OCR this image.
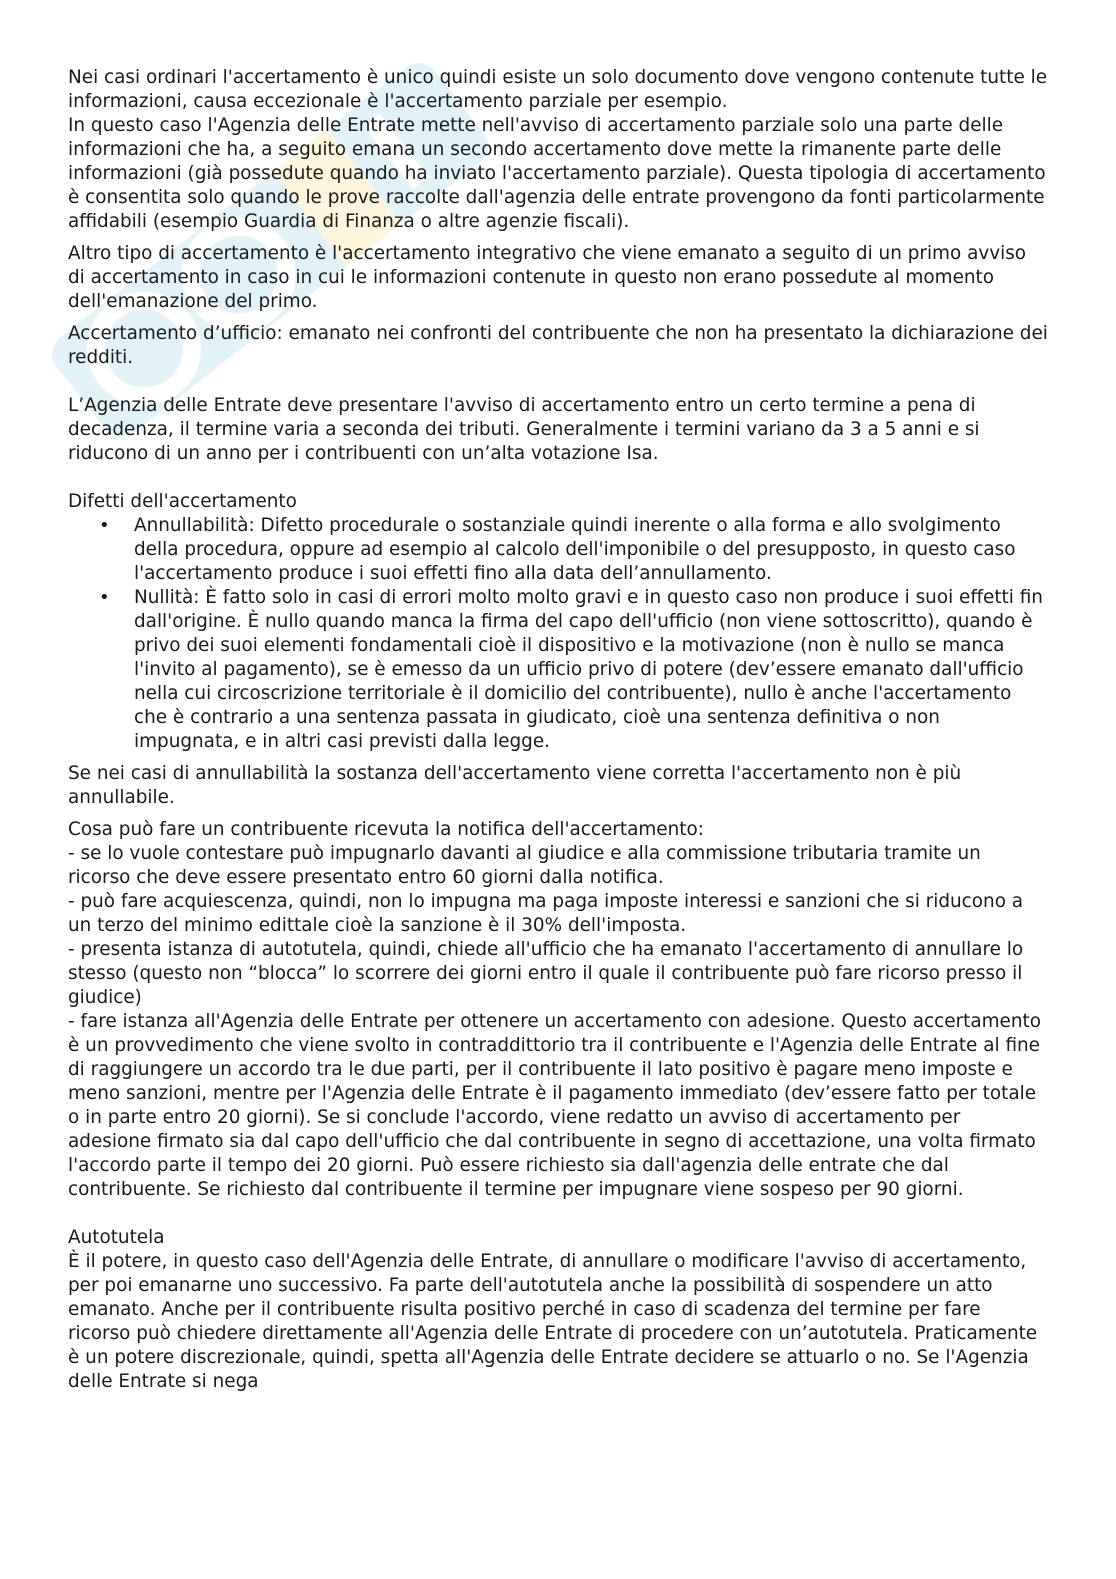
Nei casi ordinari l'accertamento è unico quindi esiste un solo documento dove vengono contenute tutte le informazioni, causa eccezionale è l'accertamento parziale per esempio.

In questo caso l'Agenzia delle Entrate mette nell'avviso di accertamento parziale solo una parte delle informazioni che ha, a seguito emana un secondo accertamento dove mette la rimanente parte delle informazioni (già possedute quando ha inviato l'accertamento parziale). Questa tipologia di accertamento è consentita solo quando le prove raccolte dall'agenzia delle entrate provengono da fonti particolarmente affidabili (esempio Guardia di Finanza o altre agenzie fiscali).

Altro tipo di accertamento è l'accertamento integrativo che viene emanato a seguito di un primo avviso di accertamento in caso in cui le informazioni contenute in questo non erano possedute al momento dell'emanazione del primo.

Accertamento d’ufficio: emanato nei confronti del contribuente che non ha presentato la dichiarazione dei redditi.

L’Agenzia delle Entrate deve presentare l'avviso di accertamento entro un certo termine a pena di decadenza, il termine varia a seconda dei tributi. Generalmente i termini variano da 3 a 5 anni e si riducono di un anno per i contribuenti con un’alta votazione Isa.

Difetti dell'accertamento

• Annullabilità: Difetto procedurale o sostanziale quindi inerente o alla forma e allo svolgimento della procedura, oppure ad esempio al calcolo dell'imponibile o del presupposto, in questo caso l'accertamento produce i suoi effetti fino alla data dell’annullamento.
• Nullità: È fatto solo in casi di errori molto molto gravi e in questo caso non produce i suoi effetti fin dall'origine. È nullo quando manca la firma del capo dell'ufficio (non viene sottoscritto), quando è privo dei suoi elementi fondamentali cioè il dispositivo e la motivazione (non è nullo se manca l'invito al pagamento), se è emesso da un ufficio privo di potere (dev’essere emanato dall'ufficio nella cui circoscrizione territoriale è il domicilio del contribuente), nullo è anche l'accertamento che è contrario a una sentenza passata in giudicato, cioè una sentenza definitiva o non impugnata, e in altri casi previsti dalla legge.

Se nei casi di annullabilità la sostanza dell'accertamento viene corretta l'accertamento non è più annullabile.

Cosa può fare un contribuente ricevuta la notifica dell'accertamento:

- se lo vuole contestare può impugnarlo davanti al giudice e alla commissione tributaria tramite un ricorso che deve essere presentato entro 60 giorni dalla notifica.

- può fare acquiescenza, quindi, non lo impugna ma paga imposte interessi e sanzioni che si riducono a un terzo del minimo edittale cioè la sanzione è il 30% dell'imposta.

- presenta istanza di autotutela, quindi, chiede all'ufficio che ha emanato l'accertamento di annullare lo stesso (questo non “blocca” lo scorrere dei giorni entro il quale il contribuente può fare ricorso presso il giudice)

- fare istanza all'Agenzia delle Entrate per ottenere un accertamento con adesione. Questo accertamento è un provvedimento che viene svolto in contraddittorio tra il contribuente e l'Agenzia delle Entrate al fine di raggiungere un accordo tra le due parti, per il contribuente il lato positivo è pagare meno imposte e meno sanzioni, mentre per l'Agenzia delle Entrate è il pagamento immediato (dev’essere fatto per totale o in parte entro 20 giorni). Se si conclude l'accordo, viene redatto un avviso di accertamento per adesione firmato sia dal capo dell'ufficio che dal contribuente in segno di accettazione, una volta firmato l'accordo parte il tempo dei 20 giorni. Può essere richiesto sia dall'agenzia delle entrate che dal contribuente. Se richiesto dal contribuente il termine per impugnare viene sospeso per 90 giorni.

Autotutela

È il potere, in questo caso dell'Agenzia delle Entrate, di annullare o modificare l'avviso di accertamento, per poi emanarne uno successivo. Fa parte dell'autotutela anche la possibilità di sospendere un atto emanato. Anche per il contribuente risulta positivo perché in caso di scadenza del termine per fare ricorso può chiedere direttamente all'Agenzia delle Entrate di procedere con un’autotutela. Praticamente è un potere discrezionale, quindi, spetta all'Agenzia delle Entrate decidere se attuarlo o no. Se l'Agenzia delle Entrate si nega
